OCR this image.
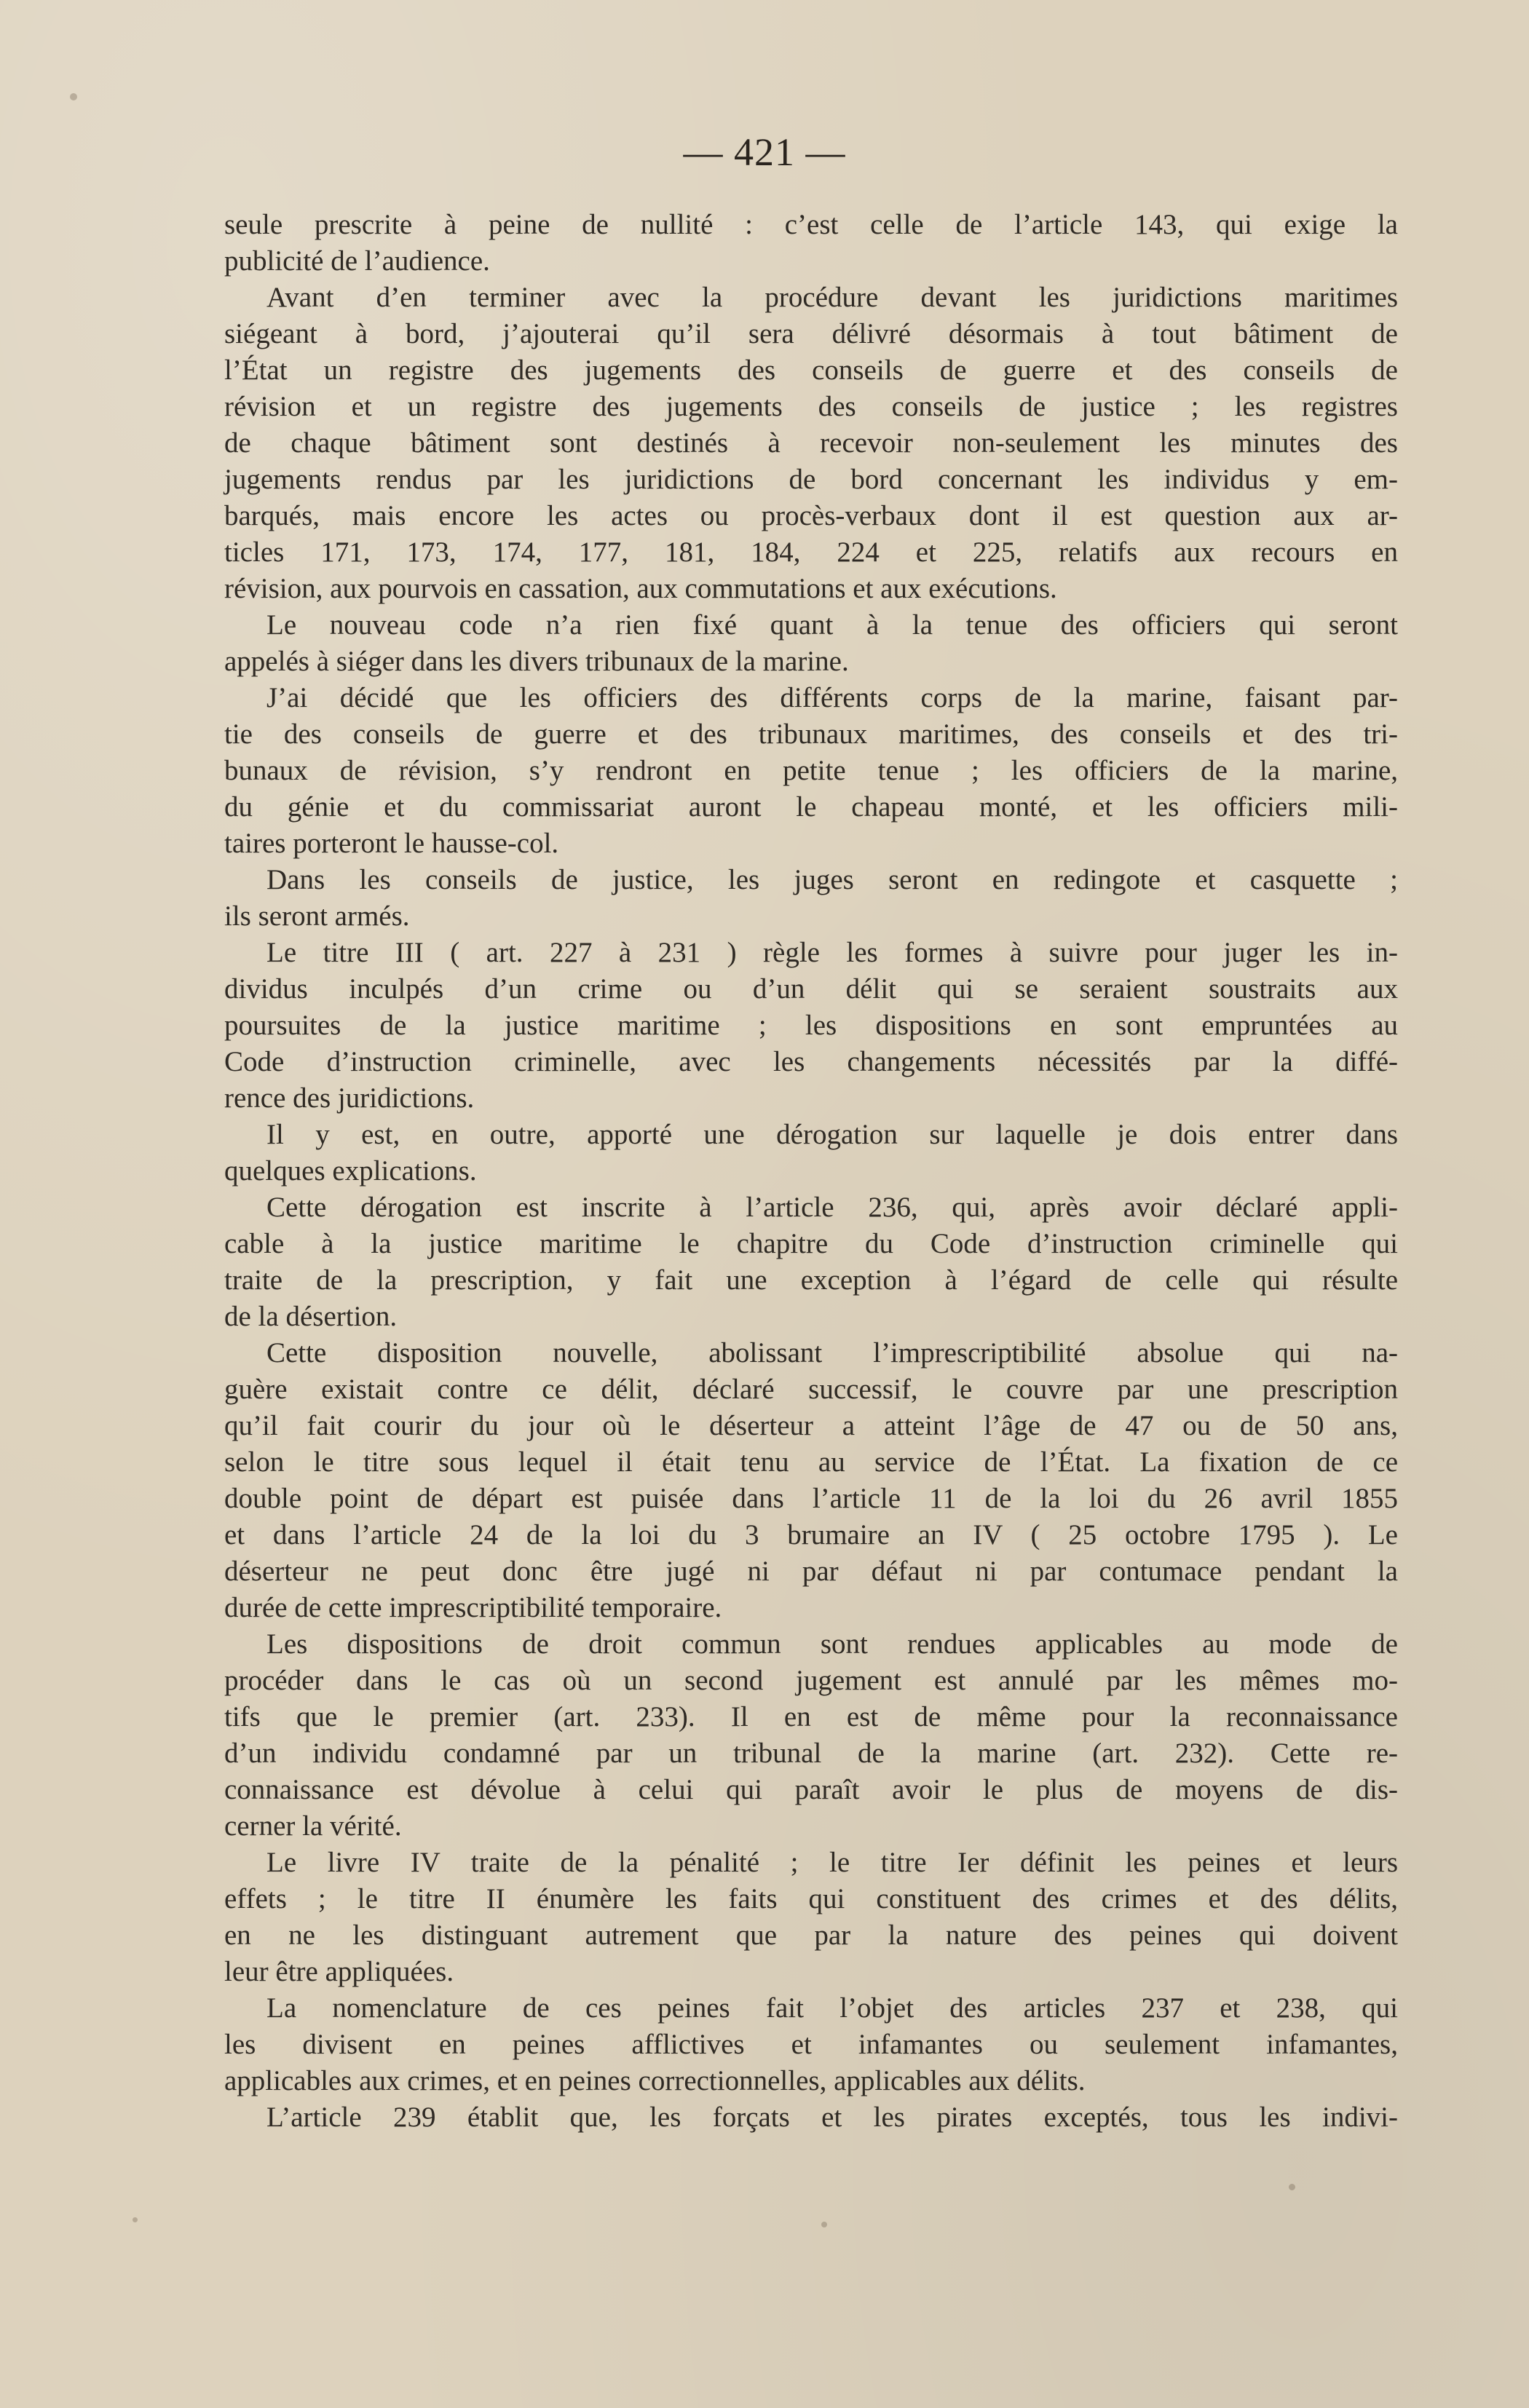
— 421 —
seule prescrite à peine de nullité : c’est celle de l’article 143, qui exige la
publicité de l’audience.
Avant d’en terminer avec la procédure devant les juridictions maritimes
siégeant à bord, j’ajouterai qu’il sera délivré désormais à tout bâtiment de
l’État un registre des jugements des conseils de guerre et des conseils de
révision et un registre des jugements des conseils de justice ; les registres
de chaque bâtiment sont destinés à recevoir non-seulement les minutes des
jugements rendus par les juridictions de bord concernant les individus y em-
barqués, mais encore les actes ou procès-verbaux dont il est question aux ar-
ticles 171, 173, 174, 177, 181, 184, 224 et 225, relatifs aux recours en
révision, aux pourvois en cassation, aux commutations et aux exécutions.
Le nouveau code n’a rien fixé quant à la tenue des officiers qui seront
appelés à siéger dans les divers tribunaux de la marine.
J’ai décidé que les officiers des différents corps de la marine, faisant par-
tie des conseils de guerre et des tribunaux maritimes, des conseils et des tri-
bunaux de révision, s’y rendront en petite tenue ; les officiers de la marine,
du génie et du commissariat auront le chapeau monté, et les officiers mili-
taires porteront le hausse-col.
Dans les conseils de justice, les juges seront en redingote et casquette ;
ils seront armés.
Le titre III ( art. 227 à 231 ) règle les formes à suivre pour juger les in-
dividus inculpés d’un crime ou d’un délit qui se seraient soustraits aux
poursuites de la justice maritime ; les dispositions en sont empruntées au
Code d’instruction criminelle, avec les changements nécessités par la diffé-
rence des juridictions.
Il y est, en outre, apporté une dérogation sur laquelle je dois entrer dans
quelques explications.
Cette dérogation est inscrite à l’article 236, qui, après avoir déclaré appli-
cable à la justice maritime le chapitre du Code d’instruction criminelle qui
traite de la prescription, y fait une exception à l’égard de celle qui résulte
de la désertion.
Cette disposition nouvelle, abolissant l’imprescriptibilité absolue qui na-
guère existait contre ce délit, déclaré successif, le couvre par une prescription
qu’il fait courir du jour où le déserteur a atteint l’âge de 47 ou de 50 ans,
selon le titre sous lequel il était tenu au service de l’État. La fixation de ce
double point de départ est puisée dans l’article 11 de la loi du 26 avril 1855
et dans l’article 24 de la loi du 3 brumaire an IV ( 25 octobre 1795 ). Le
déserteur ne peut donc être jugé ni par défaut ni par contumace pendant la
durée de cette imprescriptibilité temporaire.
Les dispositions de droit commun sont rendues applicables au mode de
procéder dans le cas où un second jugement est annulé par les mêmes mo-
tifs que le premier (art. 233). Il en est de même pour la reconnaissance
d’un individu condamné par un tribunal de la marine (art. 232). Cette re-
connaissance est dévolue à celui qui paraît avoir le plus de moyens de dis-
cerner la vérité.
Le livre IV traite de la pénalité ; le titre Ier définit les peines et leurs
effets ; le titre II énumère les faits qui constituent des crimes et des délits,
en ne les distinguant autrement que par la nature des peines qui doivent
leur être appliquées.
La nomenclature de ces peines fait l’objet des articles 237 et 238, qui
les divisent en peines afflictives et infamantes ou seulement infamantes,
applicables aux crimes, et en peines correctionnelles, applicables aux délits.
L’article 239 établit que, les forçats et les pirates exceptés, tous les indivi-
